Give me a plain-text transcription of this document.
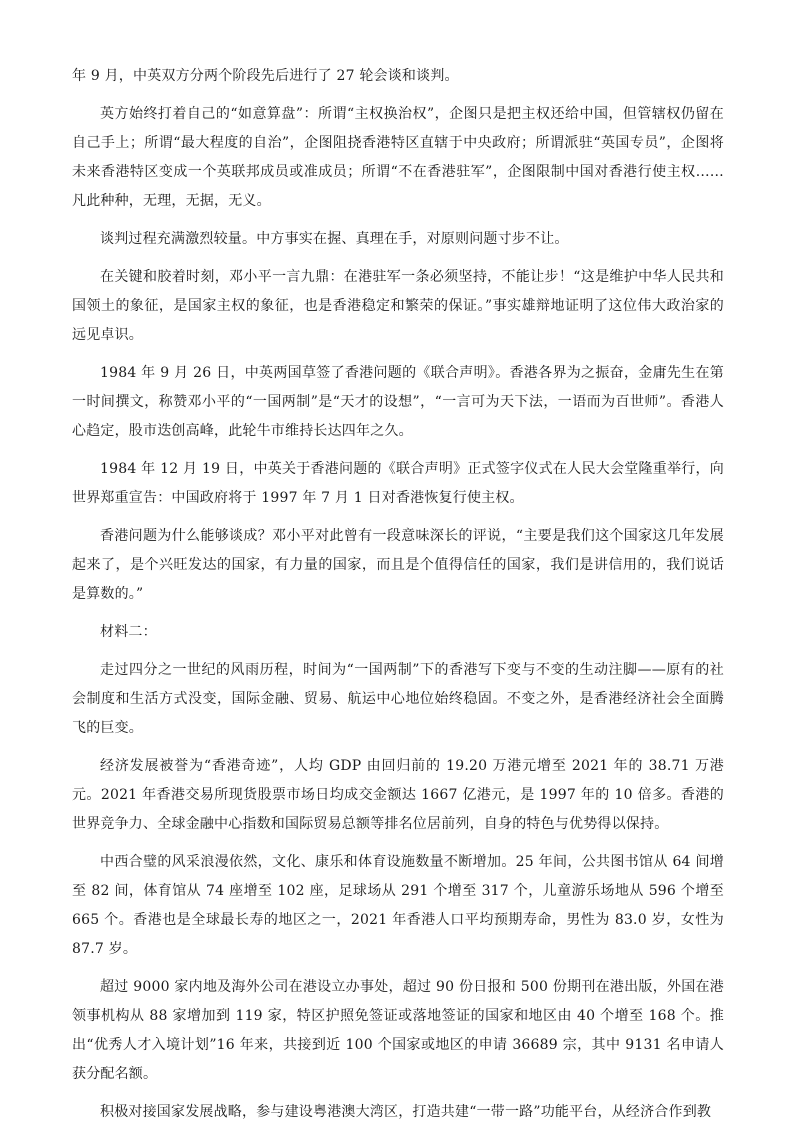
年 9 月，中英双方分两个阶段先后进行了 27 轮会谈和谈判。

英方始终打着自己的“如意算盘”：所谓“主权换治权”，企图只是把主权还给中国，但管辖权仍留在自己手上；所谓“最大程度的自治”，企图阻挠香港特区直辖于中央政府；所谓派驻“英国专员”，企图将未来香港特区变成一个英联邦成员或准成员；所谓“不在香港驻军”，企图限制中国对香港行使主权……凡此种种，无理，无据，无义。

谈判过程充满激烈较量。中方事实在握、真理在手，对原则问题寸步不让。

在关键和胶着时刻，邓小平一言九鼎：在港驻军一条必须坚持，不能让步！“这是维护中华人民共和国领土的象征，是国家主权的象征，也是香港稳定和繁荣的保证。”事实雄辩地证明了这位伟大政治家的远见卓识。

1984 年 9 月 26 日，中英两国草签了香港问题的《联合声明》。香港各界为之振奋，金庸先生在第一时间撰文，称赞邓小平的“一国两制”是“天才的设想”，“一言可为天下法，一语而为百世师”。香港人心趋定，股市迭创高峰，此轮牛市维持长达四年之久。

1984 年 12 月 19 日，中英关于香港问题的《联合声明》正式签字仪式在人民大会堂隆重举行，向世界郑重宣告：中国政府将于 1997 年 7 月 1 日对香港恢复行使主权。

香港问题为什么能够谈成？邓小平对此曾有一段意味深长的评说，“主要是我们这个国家这几年发展起来了，是个兴旺发达的国家，有力量的国家，而且是个值得信任的国家，我们是讲信用的，我们说话是算数的。”

材料二：

走过四分之一世纪的风雨历程，时间为“一国两制”下的香港写下变与不变的生动注脚——原有的社会制度和生活方式没变，国际金融、贸易、航运中心地位始终稳固。不变之外，是香港经济社会全面腾飞的巨变。

经济发展被誉为“香港奇迹”，人均 GDP 由回归前的 19.20 万港元增至 2021 年的 38.71 万港元。2021 年香港交易所现货股票市场日均成交金额达 1667 亿港元，是 1997 年的 10 倍多。香港的世界竞争力、全球金融中心指数和国际贸易总额等排名位居前列，自身的特色与优势得以保持。

中西合璧的风采浪漫依然，文化、康乐和体育设施数量不断增加。25 年间，公共图书馆从 64 间增至 82 间，体育馆从 74 座增至 102 座，足球场从 291 个增至 317 个，儿童游乐场地从 596 个增至 665 个。香港也是全球最长寿的地区之一，2021 年香港人口平均预期寿命，男性为 83.0 岁，女性为 87.7 岁。

超过 9000 家内地及海外公司在港设立办事处，超过 90 份日报和 500 份期刊在港出版，外国在港领事机构从 88 家增加到 119 家，特区护照免签证或落地签证的国家和地区由 40 个增至 168 个。推出“优秀人才入境计划”16 年来，共接到近 100 个国家或地区的申请 36689 宗，其中 9131 名申请人获分配名额。

积极对接国家发展战略，参与建设粤港澳大湾区，打造共建“一带一路”功能平台，从经济合作到教
